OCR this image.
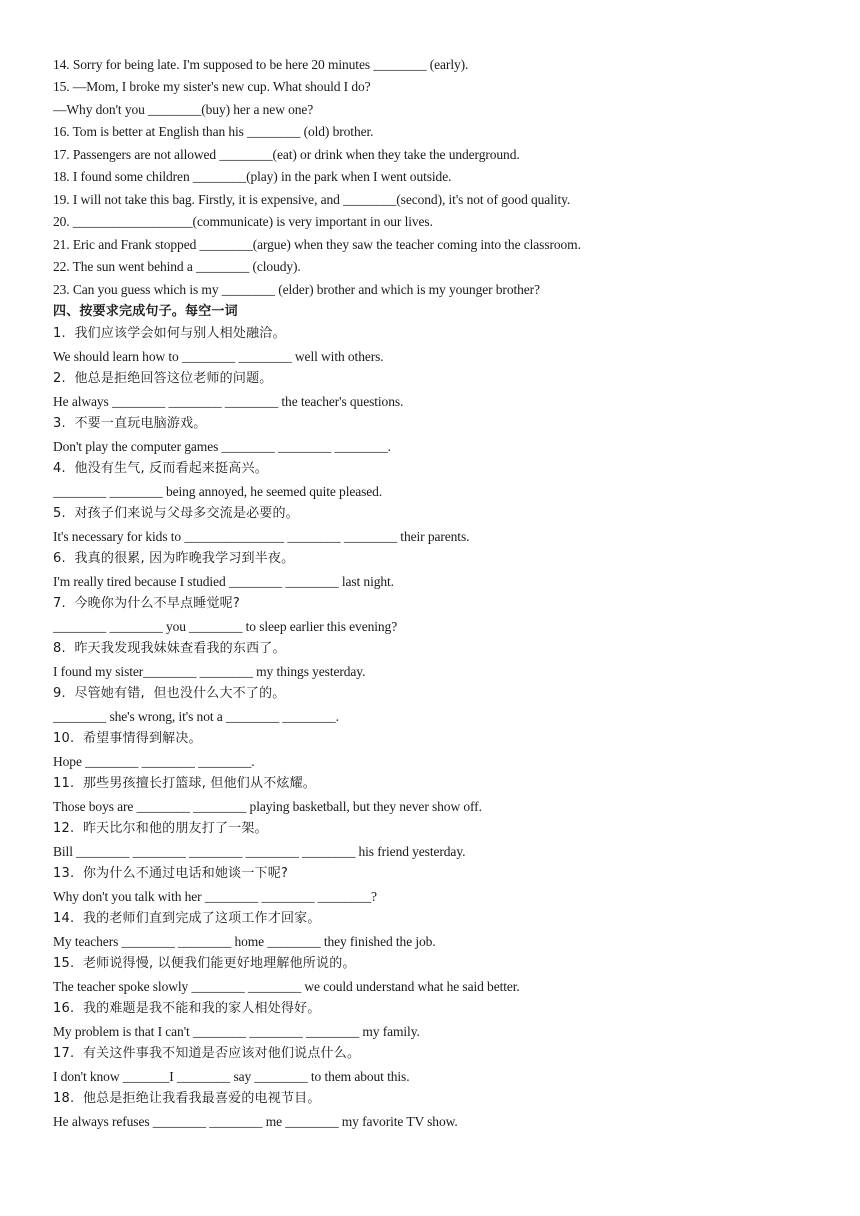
14. Sorry for being late. I'm supposed to be here 20 minutes ________ (early).
15. —Mom, I broke my sister's new cup. What should I do?
—Why don't you ________(buy) her a new one?
16. Tom is better at English than his ________ (old) brother.
17. Passengers are not allowed ________(eat) or drink when they take the underground.
18. I found some children ________(play) in the park when I went outside.
19. I will not take this bag. Firstly, it is expensive, and ________(second), it's not of good quality.
20. __________________(communicate) is very important in our lives.
21. Eric and Frank stopped ________(argue) when they saw the teacher coming into the classroom.
22. The sun went behind a ________ (cloudy).
23. Can you guess which is my ________ (elder) brother and which is my younger brother?
四、按要求完成句子。每空一词
1.  我们应该学会如何与别人相处融洽。
We should learn how to ________ ________ well with others.
2.  他总是拒绝回答这位老师的问题。
He always ________ ________ ________ the teacher's questions.
3.  不要一直玩电脑游戏。
Don't play the computer games ________ ________ ________.
4.  他没有生气, 反而看起来挺高兴。
________ ________ being annoyed, he seemed quite pleased.
5.  对孩子们来说与父母多交流是必要的。
It's necessary for kids to _______________ ________ ________ their parents.
6.  我真的很累, 因为昨晚我学习到半夜。
I'm really tired because I studied ________ ________ last night.
7.  今晚你为什么不早点睡觉呢?
________ ________ you ________ to sleep earlier this evening?
8.  昨天我发现我妹妹查看我的东西了。
I found my sister________ ________ my things yesterday.
9.  尽管她有错,  但也没什么大不了的。
________ she's wrong, it's not a ________ ________.
10.  希望事情得到解决。
Hope ________ ________ ________.
11.  那些男孩擅长打篮球, 但他们从不炫耀。
Those boys are ________ ________ playing basketball, but they never show off.
12.  昨天比尔和他的朋友打了一架。
Bill ________ ________ ________ ________ ________ his friend yesterday.
13.  你为什么不通过电话和她谈一下呢?
Why don't you talk with her ________ ________ ________?
14.  我的老师们直到完成了这项工作才回家。
My teachers ________ ________ home ________ they finished the job.
15.  老师说得慢, 以便我们能更好地理解他所说的。
The teacher spoke slowly ________ ________ we could understand what he said better.
16.  我的难题是我不能和我的家人相处得好。
My problem is that I can't ________ ________ ________ my family.
17.  有关这件事我不知道是否应该对他们说点什么。
I don't know _______I ________ say ________ to them about this.
18.  他总是拒绝让我看我最喜爱的电视节目。
He always refuses ________ ________ me ________ my favorite TV show.
